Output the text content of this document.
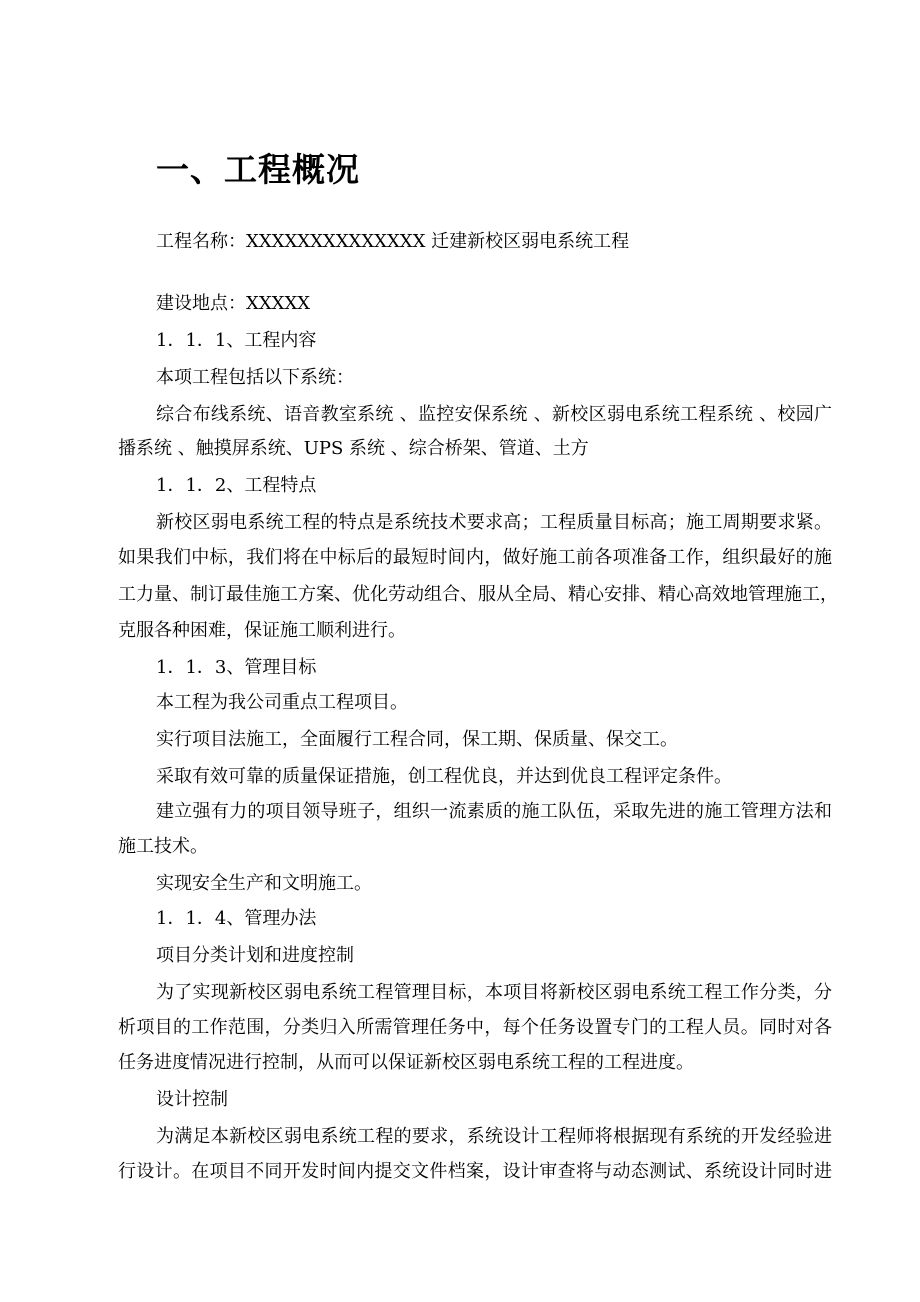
一、工程概况

工程名称：XXXXXXXXXXXXXX 迁建新校区弱电系统工程

建设地点：XXXXX

1．1．1、工程内容

本项工程包括以下系统：

综合布线系统、语音教室系统 、监控安保系统 、新校区弱电系统工程系统 、校园广

播系统 、触摸屏系统、UPS 系统 、综合桥架、管道、土方

1．1．2、工程特点

新校区弱电系统工程的特点是系统技术要求高；工程质量目标高；施工周期要求紧。

如果我们中标，我们将在中标后的最短时间内，做好施工前各项准备工作，组织最好的施

工力量、制订最佳施工方案、优化劳动组合、服从全局、精心安排、精心高效地管理施工，

克服各种困难，保证施工顺利进行。

1．1．3、管理目标

本工程为我公司重点工程项目。

实行项目法施工，全面履行工程合同，保工期、保质量、保交工。

采取有效可靠的质量保证措施，创工程优良，并达到优良工程评定条件。

建立强有力的项目领导班子，组织一流素质的施工队伍，采取先进的施工管理方法和

施工技术。

实现安全生产和文明施工。

1．1．4、管理办法

项目分类计划和进度控制

为了实现新校区弱电系统工程管理目标，本项目将新校区弱电系统工程工作分类，分

析项目的工作范围，分类归入所需管理任务中，每个任务设置专门的工程人员。同时对各

任务进度情况进行控制，从而可以保证新校区弱电系统工程的工程进度。

设计控制

为满足本新校区弱电系统工程的要求，系统设计工程师将根据现有系统的开发经验进

行设计。在项目不同开发时间内提交文件档案，设计审查将与动态测试、系统设计同时进
